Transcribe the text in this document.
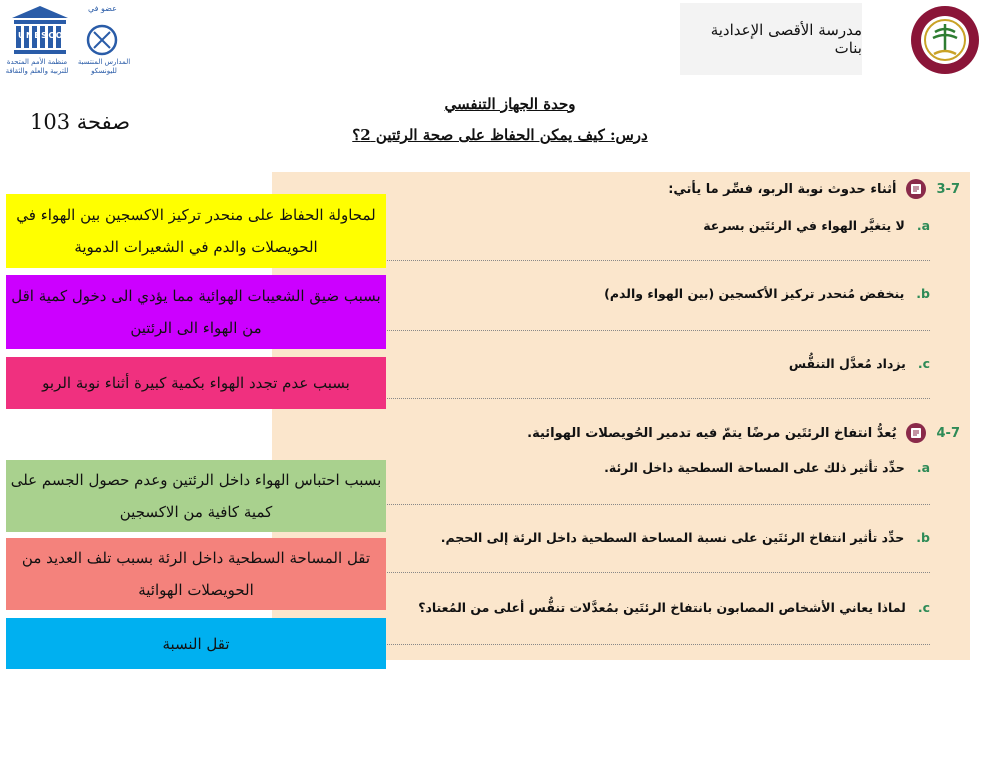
UNESCO
عضو في
منظمة الأمم المتحدة للتربية والعلم والثقافة
المدارس المنتسبة لليونسكو
مدرسة الأقصى الإعدادية بنات
وحدة الجهاز التنفسي
درس: كيف يمكن الحفاظ على صحة الرئتين 2؟
صفحة 103
3-7
أثناء حدوث نوبة الربو، فسِّر ما يأتي:
a.
لا يتغيَّر الهواء في الرئتَين بسرعة
b.
ينخفض مُنحدر تركيز الأكسجين (بين الهواء والدم)
c.
يزداد مُعدَّل التنفُّس
4-7
يُعدُّ انتفاخ الرئتَين مرضًا يتمّ فيه تدمير الحُويصلات الهوائية.
a.
حدِّد تأثير ذلك على المساحة السطحية داخل الرئة.
b.
حدِّد تأثير انتفاخ الرئتَين على نسبة المساحة السطحية داخل الرئة إلى الحجم.
c.
لماذا يعاني الأشخاص المصابون بانتفاخ الرئتَين بمُعدَّلات تنفُّس أعلى من المُعتاد؟
لمحاولة الحفاظ على منحدر تركيز الاكسجين بين الهواء في الحويصلات والدم في الشعيرات الدموية
بسبب ضيق الشعيبات الهوائية مما يؤدي الى دخول كمية اقل من الهواء الى الرئتين
بسبب عدم تجدد الهواء بكمية كبيرة أثناء نوبة الربو
بسبب احتباس الهواء داخل الرئتين وعدم حصول الجسم على كمية كافية من الاكسجين
تقل المساحة السطحية داخل الرئة بسبب تلف العديد من الحويصلات الهوائية
تقل النسبة
